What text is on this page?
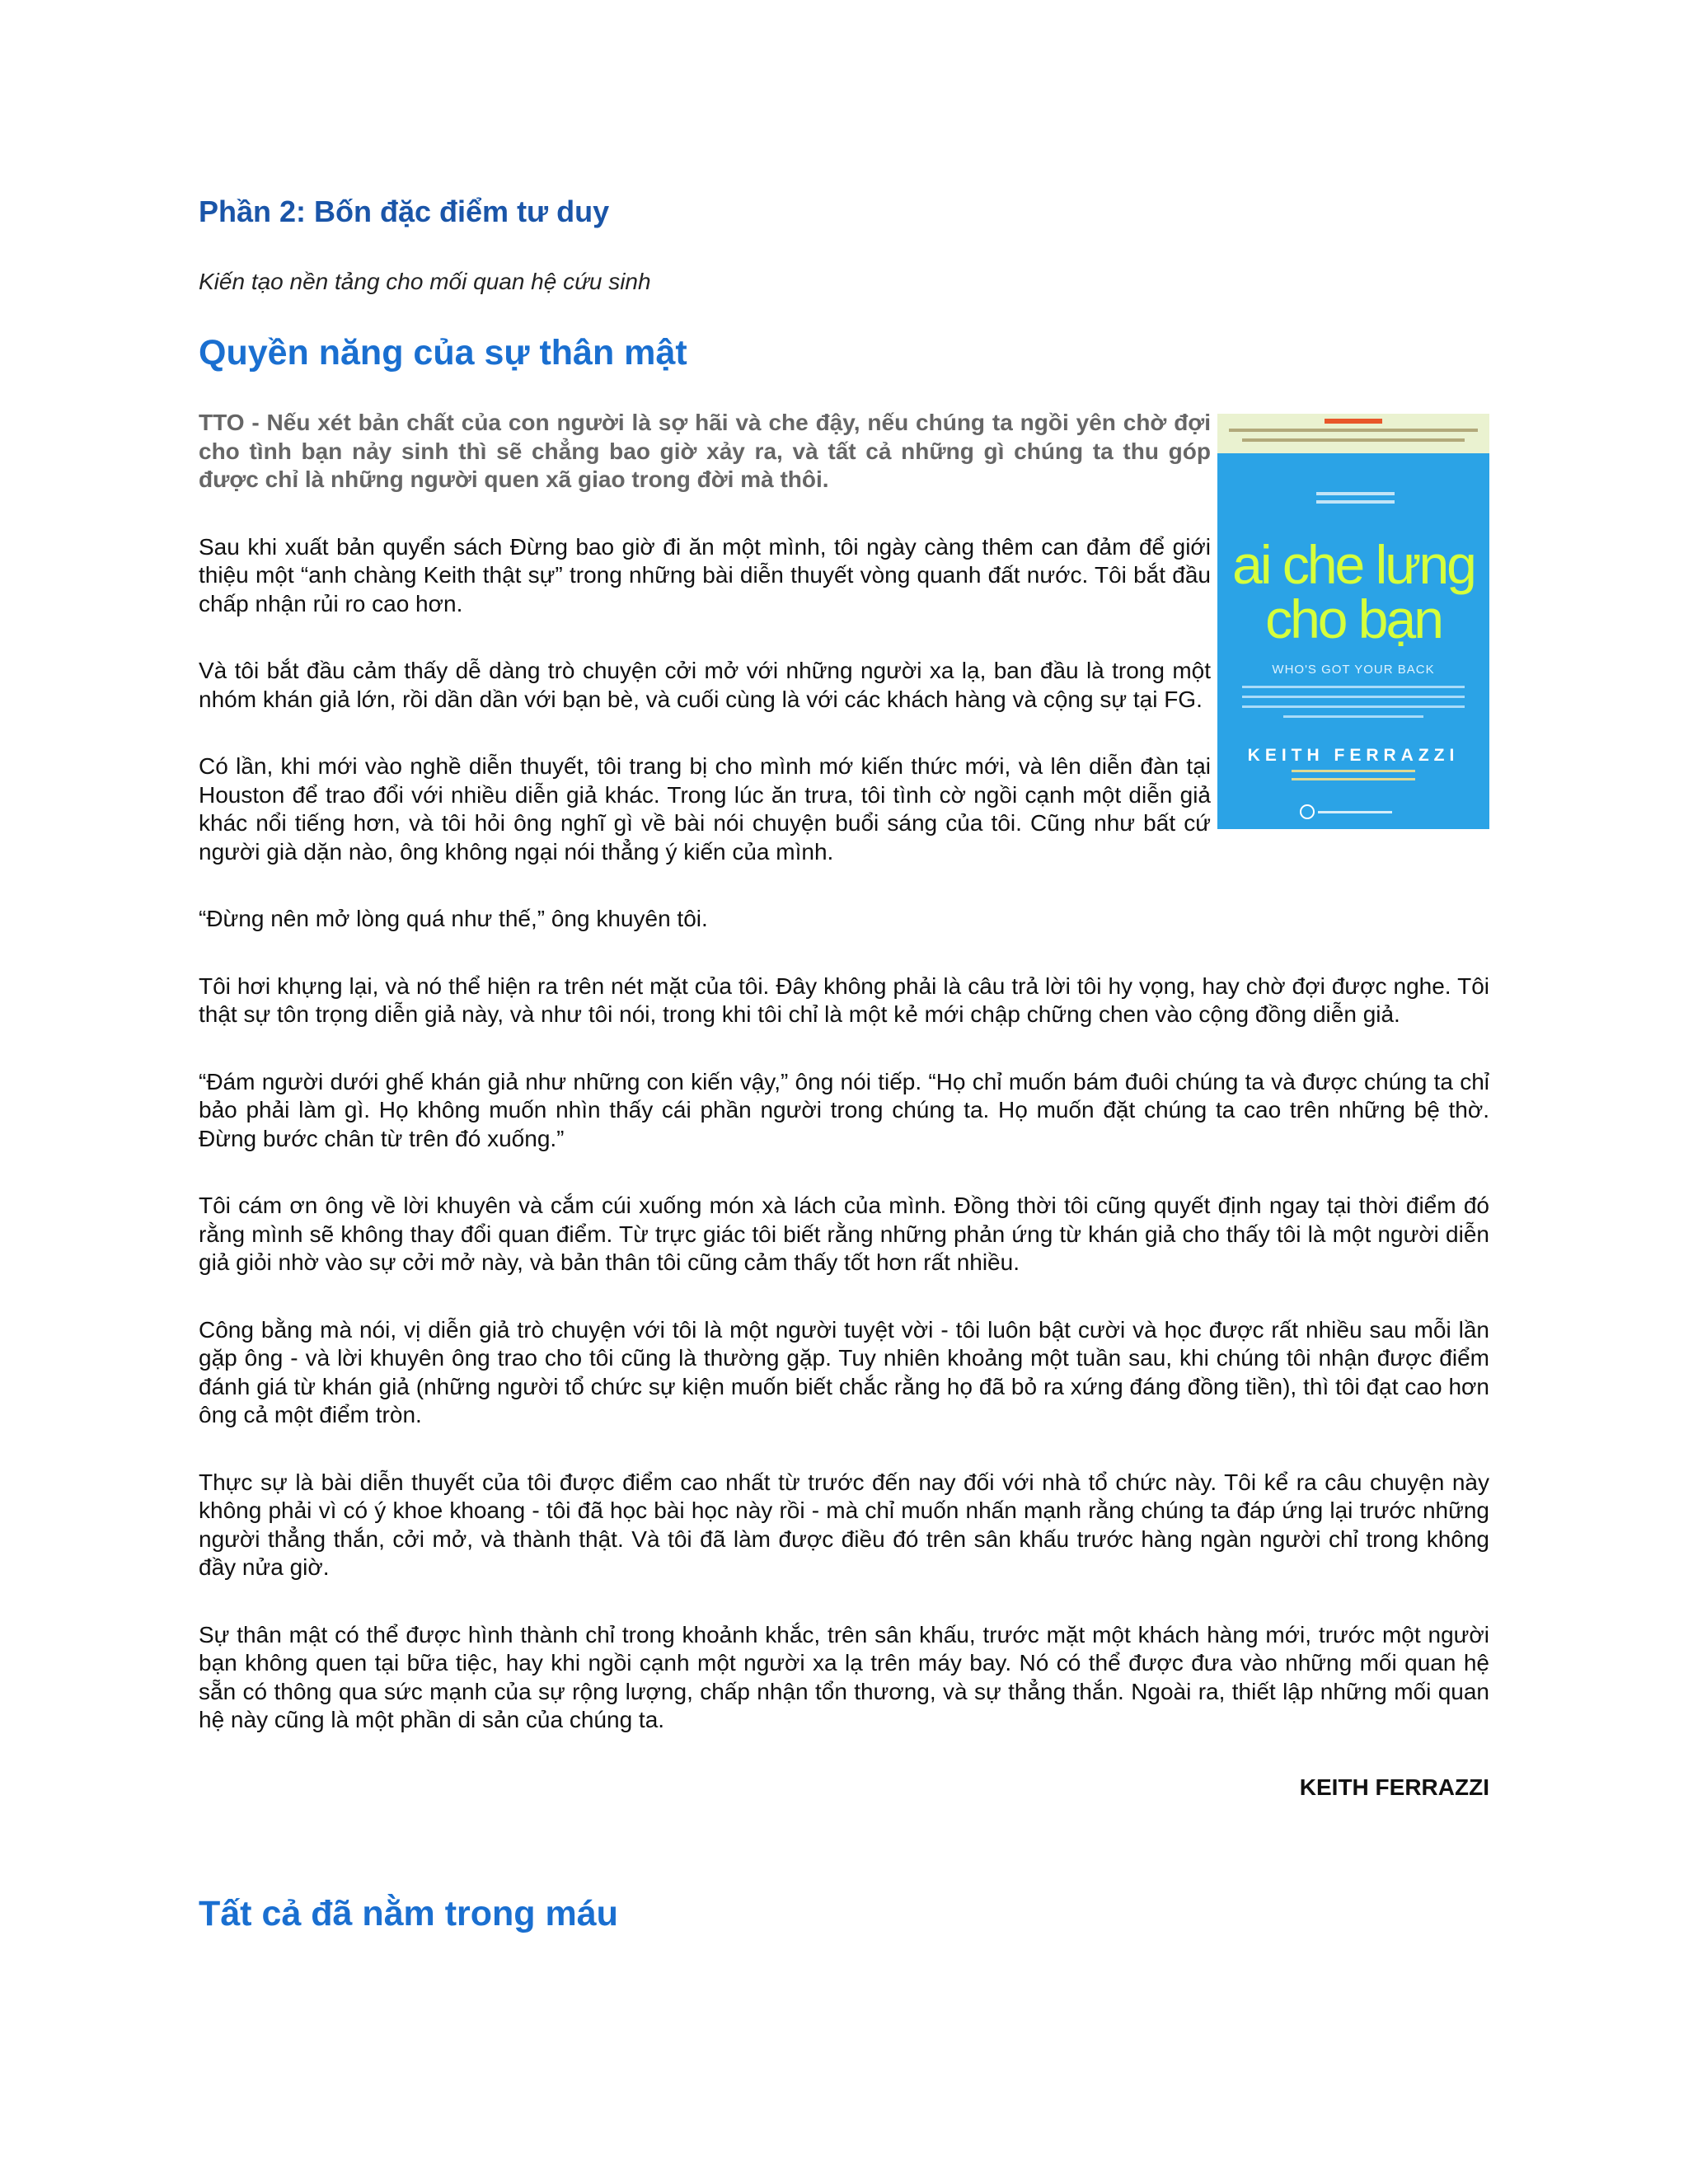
Phần 2: Bốn đặc điểm tư duy

Kiến tạo nền tảng cho mối quan hệ cứu sinh

Quyền năng của sự thân mật
ai che lưng
cho bạn
WHO'S GOT YOUR BACK
KEITH FERRAZZI

TTO - Nếu xét bản chất của con người là sợ hãi và che đậy, nếu chúng ta ngồi yên chờ đợi cho tình bạn nảy sinh thì sẽ chẳng bao giờ xảy ra, và tất cả những gì chúng ta thu góp được chỉ là những người quen xã giao trong đời mà thôi.

Sau khi xuất bản quyển sách Đừng bao giờ đi ăn một mình, tôi ngày càng thêm can đảm để giới thiệu một “anh chàng Keith thật sự” trong những bài diễn thuyết vòng quanh đất nước. Tôi bắt đầu chấp nhận rủi ro cao hơn.

Và tôi bắt đầu cảm thấy dễ dàng trò chuyện cởi mở với những người xa lạ, ban đầu là trong một nhóm khán giả lớn, rồi dần dần với bạn bè, và cuối cùng là với các khách hàng và cộng sự tại FG.

Có lần, khi mới vào nghề diễn thuyết, tôi trang bị cho mình mớ kiến thức mới, và lên diễn đàn tại Houston để trao đổi với nhiều diễn giả khác. Trong lúc ăn trưa, tôi tình cờ ngồi cạnh một diễn giả khác nổi tiếng hơn, và tôi hỏi ông nghĩ gì về bài nói chuyện buổi sáng của tôi. Cũng như bất cứ người già dặn nào, ông không ngại nói thẳng ý kiến của mình.

“Đừng nên mở lòng quá như thế,” ông khuyên tôi.

Tôi hơi khựng lại, và nó thể hiện ra trên nét mặt của tôi. Đây không phải là câu trả lời tôi hy vọng, hay chờ đợi được nghe. Tôi thật sự tôn trọng diễn giả này, và như tôi nói, trong khi tôi chỉ là một kẻ mới chập chững chen vào cộng đồng diễn giả.

“Đám người dưới ghế khán giả như những con kiến vậy,” ông nói tiếp. “Họ chỉ muốn bám đuôi chúng ta và được chúng ta chỉ bảo phải làm gì. Họ không muốn nhìn thấy cái phần người trong chúng ta. Họ muốn đặt chúng ta cao trên những bệ thờ. Đừng bước chân từ trên đó xuống.”

Tôi cám ơn ông về lời khuyên và cắm cúi xuống món xà lách của mình. Đồng thời tôi cũng quyết định ngay tại thời điểm đó rằng mình sẽ không thay đổi quan điểm. Từ trực giác tôi biết rằng những phản ứng từ khán giả cho thấy tôi là một người diễn giả giỏi nhờ vào sự cởi mở này, và bản thân tôi cũng cảm thấy tốt hơn rất nhiều.

Công bằng mà nói, vị diễn giả trò chuyện với tôi là một người tuyệt vời - tôi luôn bật cười và học được rất nhiều sau mỗi lần gặp ông - và lời khuyên ông trao cho tôi cũng là thường gặp. Tuy nhiên khoảng một tuần sau, khi chúng tôi nhận được điểm đánh giá từ khán giả (những người tổ chức sự kiện muốn biết chắc rằng họ đã bỏ ra xứng đáng đồng tiền), thì tôi đạt cao hơn ông cả một điểm tròn.

Thực sự là bài diễn thuyết của tôi được điểm cao nhất từ trước đến nay đối với nhà tổ chức này. Tôi kể ra câu chuyện này không phải vì có ý khoe khoang - tôi đã học bài học này rồi - mà chỉ muốn nhấn mạnh rằng chúng ta đáp ứng lại trước những người thẳng thắn, cởi mở, và thành thật. Và tôi đã làm được điều đó trên sân khấu trước hàng ngàn người chỉ trong không đầy nửa giờ.

Sự thân mật có thể được hình thành chỉ trong khoảnh khắc, trên sân khấu, trước mặt một khách hàng mới, trước một người bạn không quen tại bữa tiệc, hay khi ngồi cạnh một người xa lạ trên máy bay. Nó có thể được đưa vào những mối quan hệ sẵn có thông qua sức mạnh của sự rộng lượng, chấp nhận tổn thương, và sự thẳng thắn. Ngoài ra, thiết lập những mối quan hệ này cũng là một phần di sản của chúng ta.

KEITH FERRAZZI

Tất cả đã nằm trong máu
